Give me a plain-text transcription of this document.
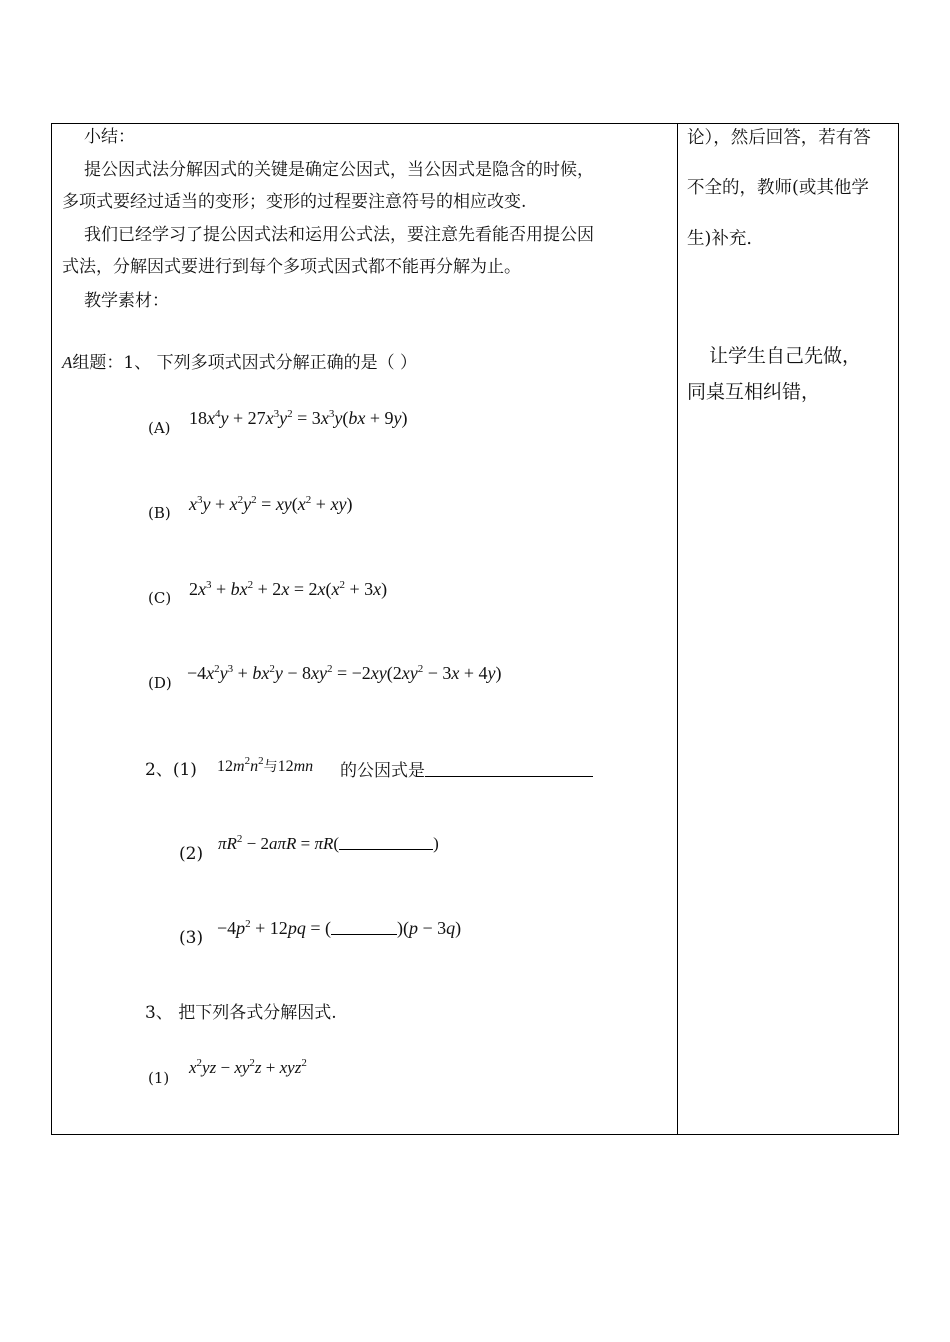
小结：
提公因式法分解因式的关键是确定公因式，当公因式是隐含的时候，
多项式要经过适当的变形；变形的过程要注意符号的相应改变.
我们已经学习了提公因式法和运用公式法，要注意先看能否用提公因
式法，分解因式要进行到每个多项式因式都不能再分解为止。
教学素材：
A组题：1、 下列多项式因式分解正确的是（ ）
(A) $18x^4y + 27x^3y^2 = 3x^3y(bx + 9y)$
(B) $x^3y + x^2y^2 = xy(x^2 + xy)$
(C) $2x^3 + bx^2 + 2x = 2x(x^2 + 3x)$
$(D) -4x^2y^3 + bx^2y - 8xy^2 = -2xy(2xy^2 - 3x + 4y)$
2、(1) $12m^2n^2$与12mn 的公因式是
(2)
$\pi R^2 - 2a\pi R = \pi R$(	)
$(3) -4p^2 + 12pq$ = (	)(p − 3q)
3、 把下列各式分解因式.
(1)
$x^2yz - xy^2z + xyz^2$
论），然后回答，若有答
不全的，教师(或其他学
生)补充.
让学生自己先做，
同桌互相纠错，
